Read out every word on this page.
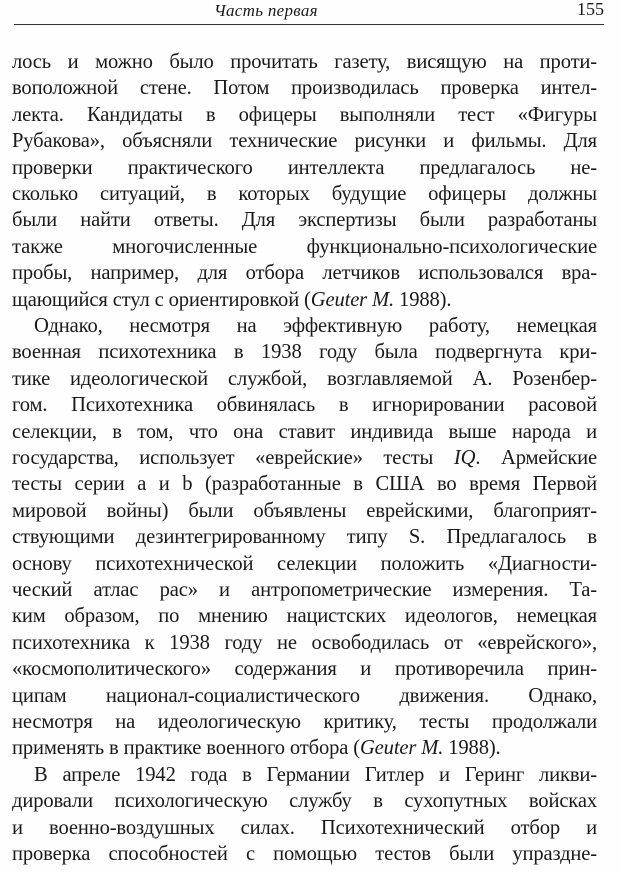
Часть первая	155
лось и можно было прочитать газету, висящую на проти-
воположной стене. Потом производилась проверка интел-
лекта. Кандидаты в офицеры выполняли тест «Фигуры
Рубакова», объясняли технические рисунки и фильмы. Для
проверки практического интеллекта предлагалось не-
сколько ситуаций, в которых будущие офицеры должны
были найти ответы. Для экспертизы были разработаны
также многочисленные функционально-психологические
пробы, например, для отбора летчиков использовался вра-
щающийся стул с ориентировкой (Geuter M. 1988).
Однако, несмотря на эффективную работу, немецкая
военная психотехника в 1938 году была подвергнута кри-
тике идеологической службой, возглавляемой А. Розенбер-
гом. Психотехника обвинялась в игнорировании расовой
селекции, в том, что она ставит индивида выше народа и
государства, использует «еврейские» тесты IQ. Армейские
тесты серии a и b (разработанные в США во время Первой
мировой войны) были объявлены еврейскими, благоприят-
ствующими дезинтегрированному типу S. Предлагалось в
основу психотехнической селекции положить «Диагности-
ческий атлас рас» и антропометрические измерения. Та-
ким образом, по мнению нацистских идеологов, немецкая
психотехника к 1938 году не освободилась от «еврейского»,
«космополитического» содержания и противоречила прин-
ципам национал-социалистического движения. Однако,
несмотря на идеологическую критику, тесты продолжали
применять в практике военного отбора (Geuter M. 1988).
В апреле 1942 года в Германии Гитлер и Геринг ликви-
дировали психологическую службу в сухопутных войсках
и военно-воздушных силах. Психотехнический отбор и
проверка способностей с помощью тестов были упраздне-
